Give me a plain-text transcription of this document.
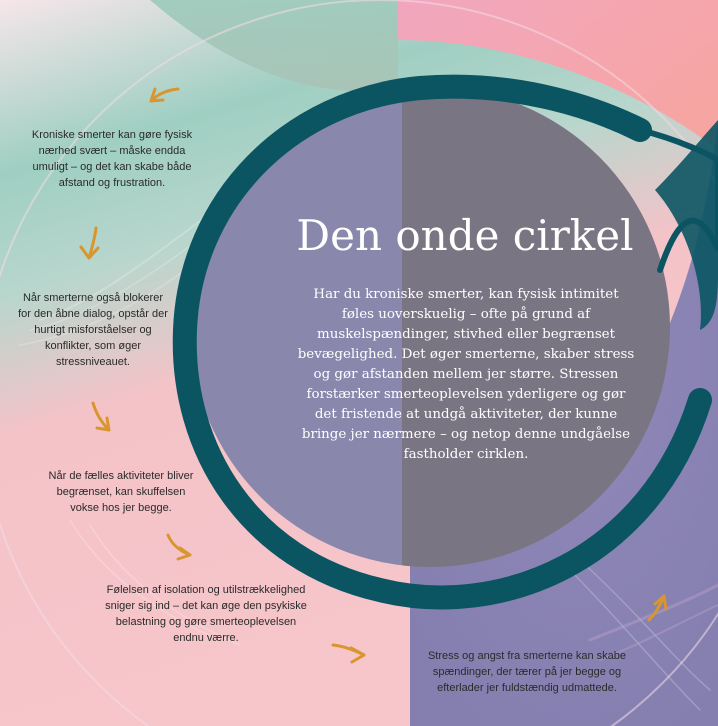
Den onde cirkel
Har du kroniske smerter, kan fysisk intimitet føles uoverskuelig – ofte på grund af muskelspændinger, stivhed eller begrænset bevægelighed. Det øger smerterne, skaber stress og gør afstanden mellem jer større. Stressen forstærker smerteoplevelsen yderligere og gør det fristende at undgå aktiviteter, der kunne bringe jer nærmere – og netop denne undgåelse fastholder cirklen.
Kroniske smerter kan gøre fysisk nærhed svært – måske endda umuligt – og det kan skabe både afstand og frustration.
Når smerterne også blokerer for den åbne dialog, opstår der hurtigt misforståelser og konflikter, som øger stressniveauet.
Når de fælles aktiviteter bliver begrænset, kan skuffelsen vokse hos jer begge.
Følelsen af isolation og utilstrækkelighed sniger sig ind – det kan øge den psykiske belastning og gøre smerteoplevelsen endnu værre.
Stress og angst fra smerterne kan skabe spændinger, der tærer på jer begge og efterlader jer fuldstændig udmattede.
